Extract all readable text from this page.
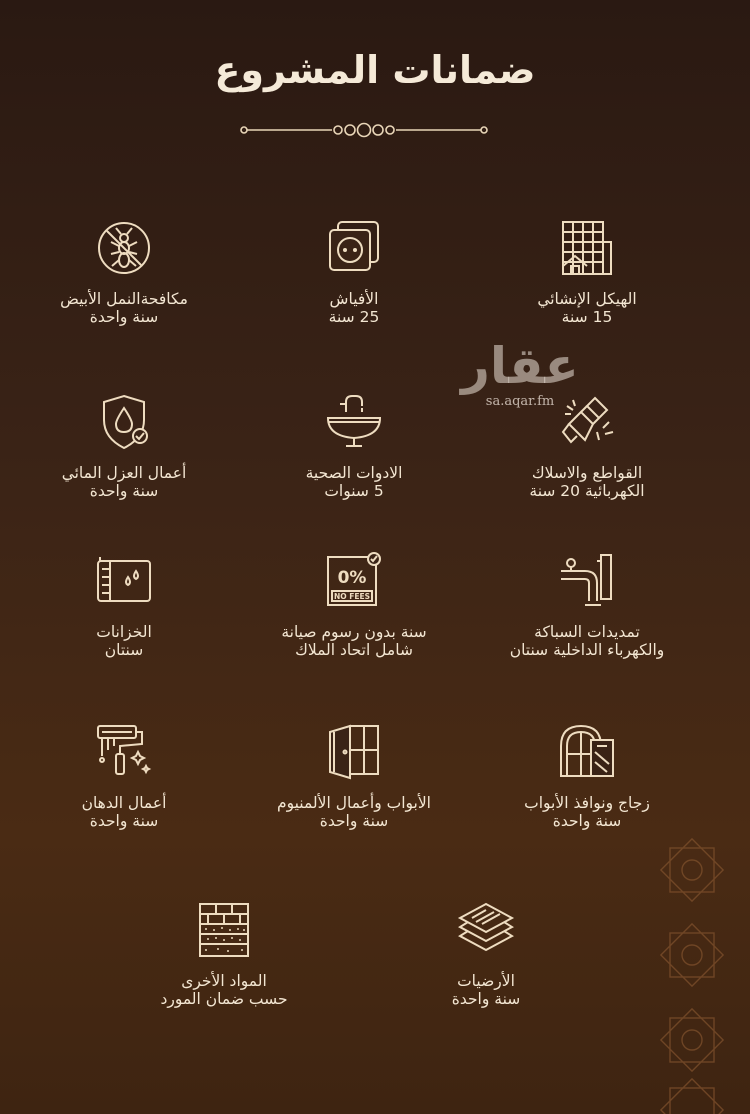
ضمانات المشروع
عقار
sa.aqar.fm
الهيكل الإنشائي
15 سنة
الأفياش
25 سنة
مكافحةالنمل الأبيض
سنة واحدة
القواطع والاسلاك
الكهربائية 20 سنة
الادوات الصحية
5 سنوات
أعمال العزل المائي
سنة واحدة
تمديدات السباكة
والكهرباء الداخلية سنتان
0%
NO FEES
سنة بدون رسوم صيانة
شامل اتحاد الملاك
الخزانات
سنتان
زجاج ونوافذ الأبواب
سنة واحدة
الأبواب وأعمال الألمنيوم
سنة واحدة
أعمال الدهان
سنة واحدة
الأرضيات
سنة واحدة
المواد الأخرى
حسب ضمان المورد
